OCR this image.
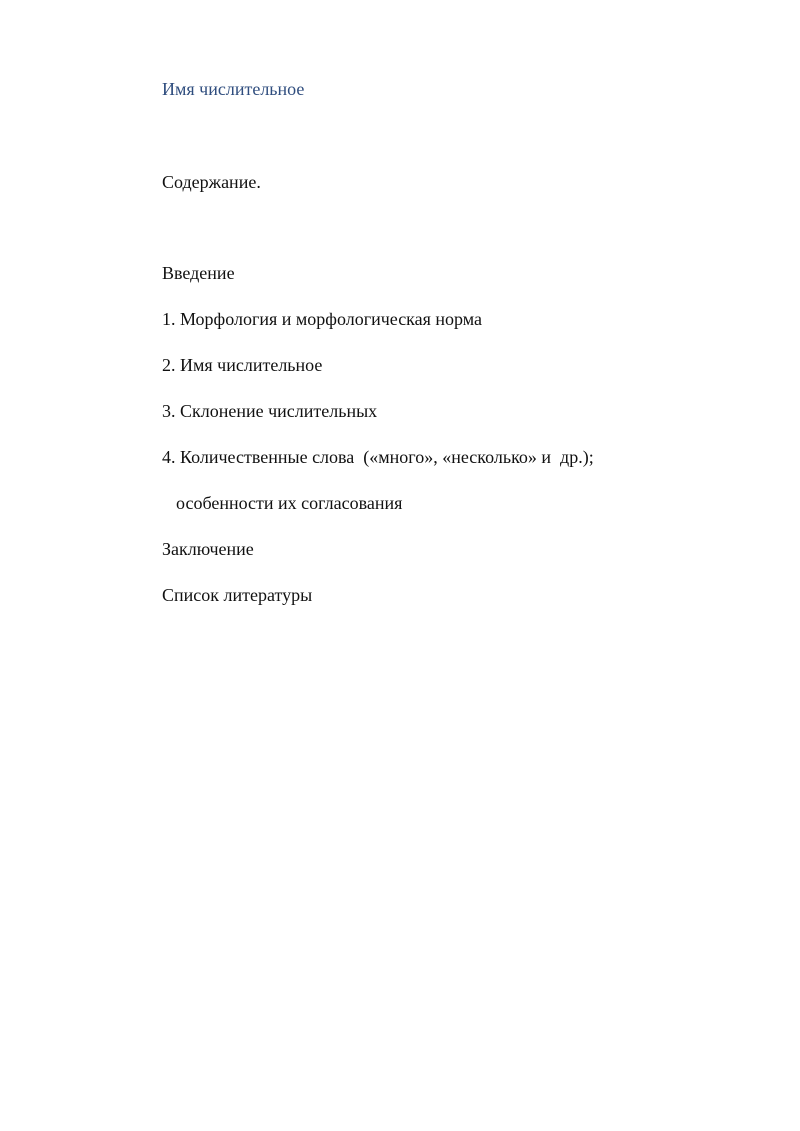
Имя числительное
Содержание.
Введение
1. Морфология и морфологическая норма
2. Имя числительное
3. Склонение числительных
4. Количественные слова  («много», «несколько» и  др.);
особенности их согласования
Заключение
Список литературы
